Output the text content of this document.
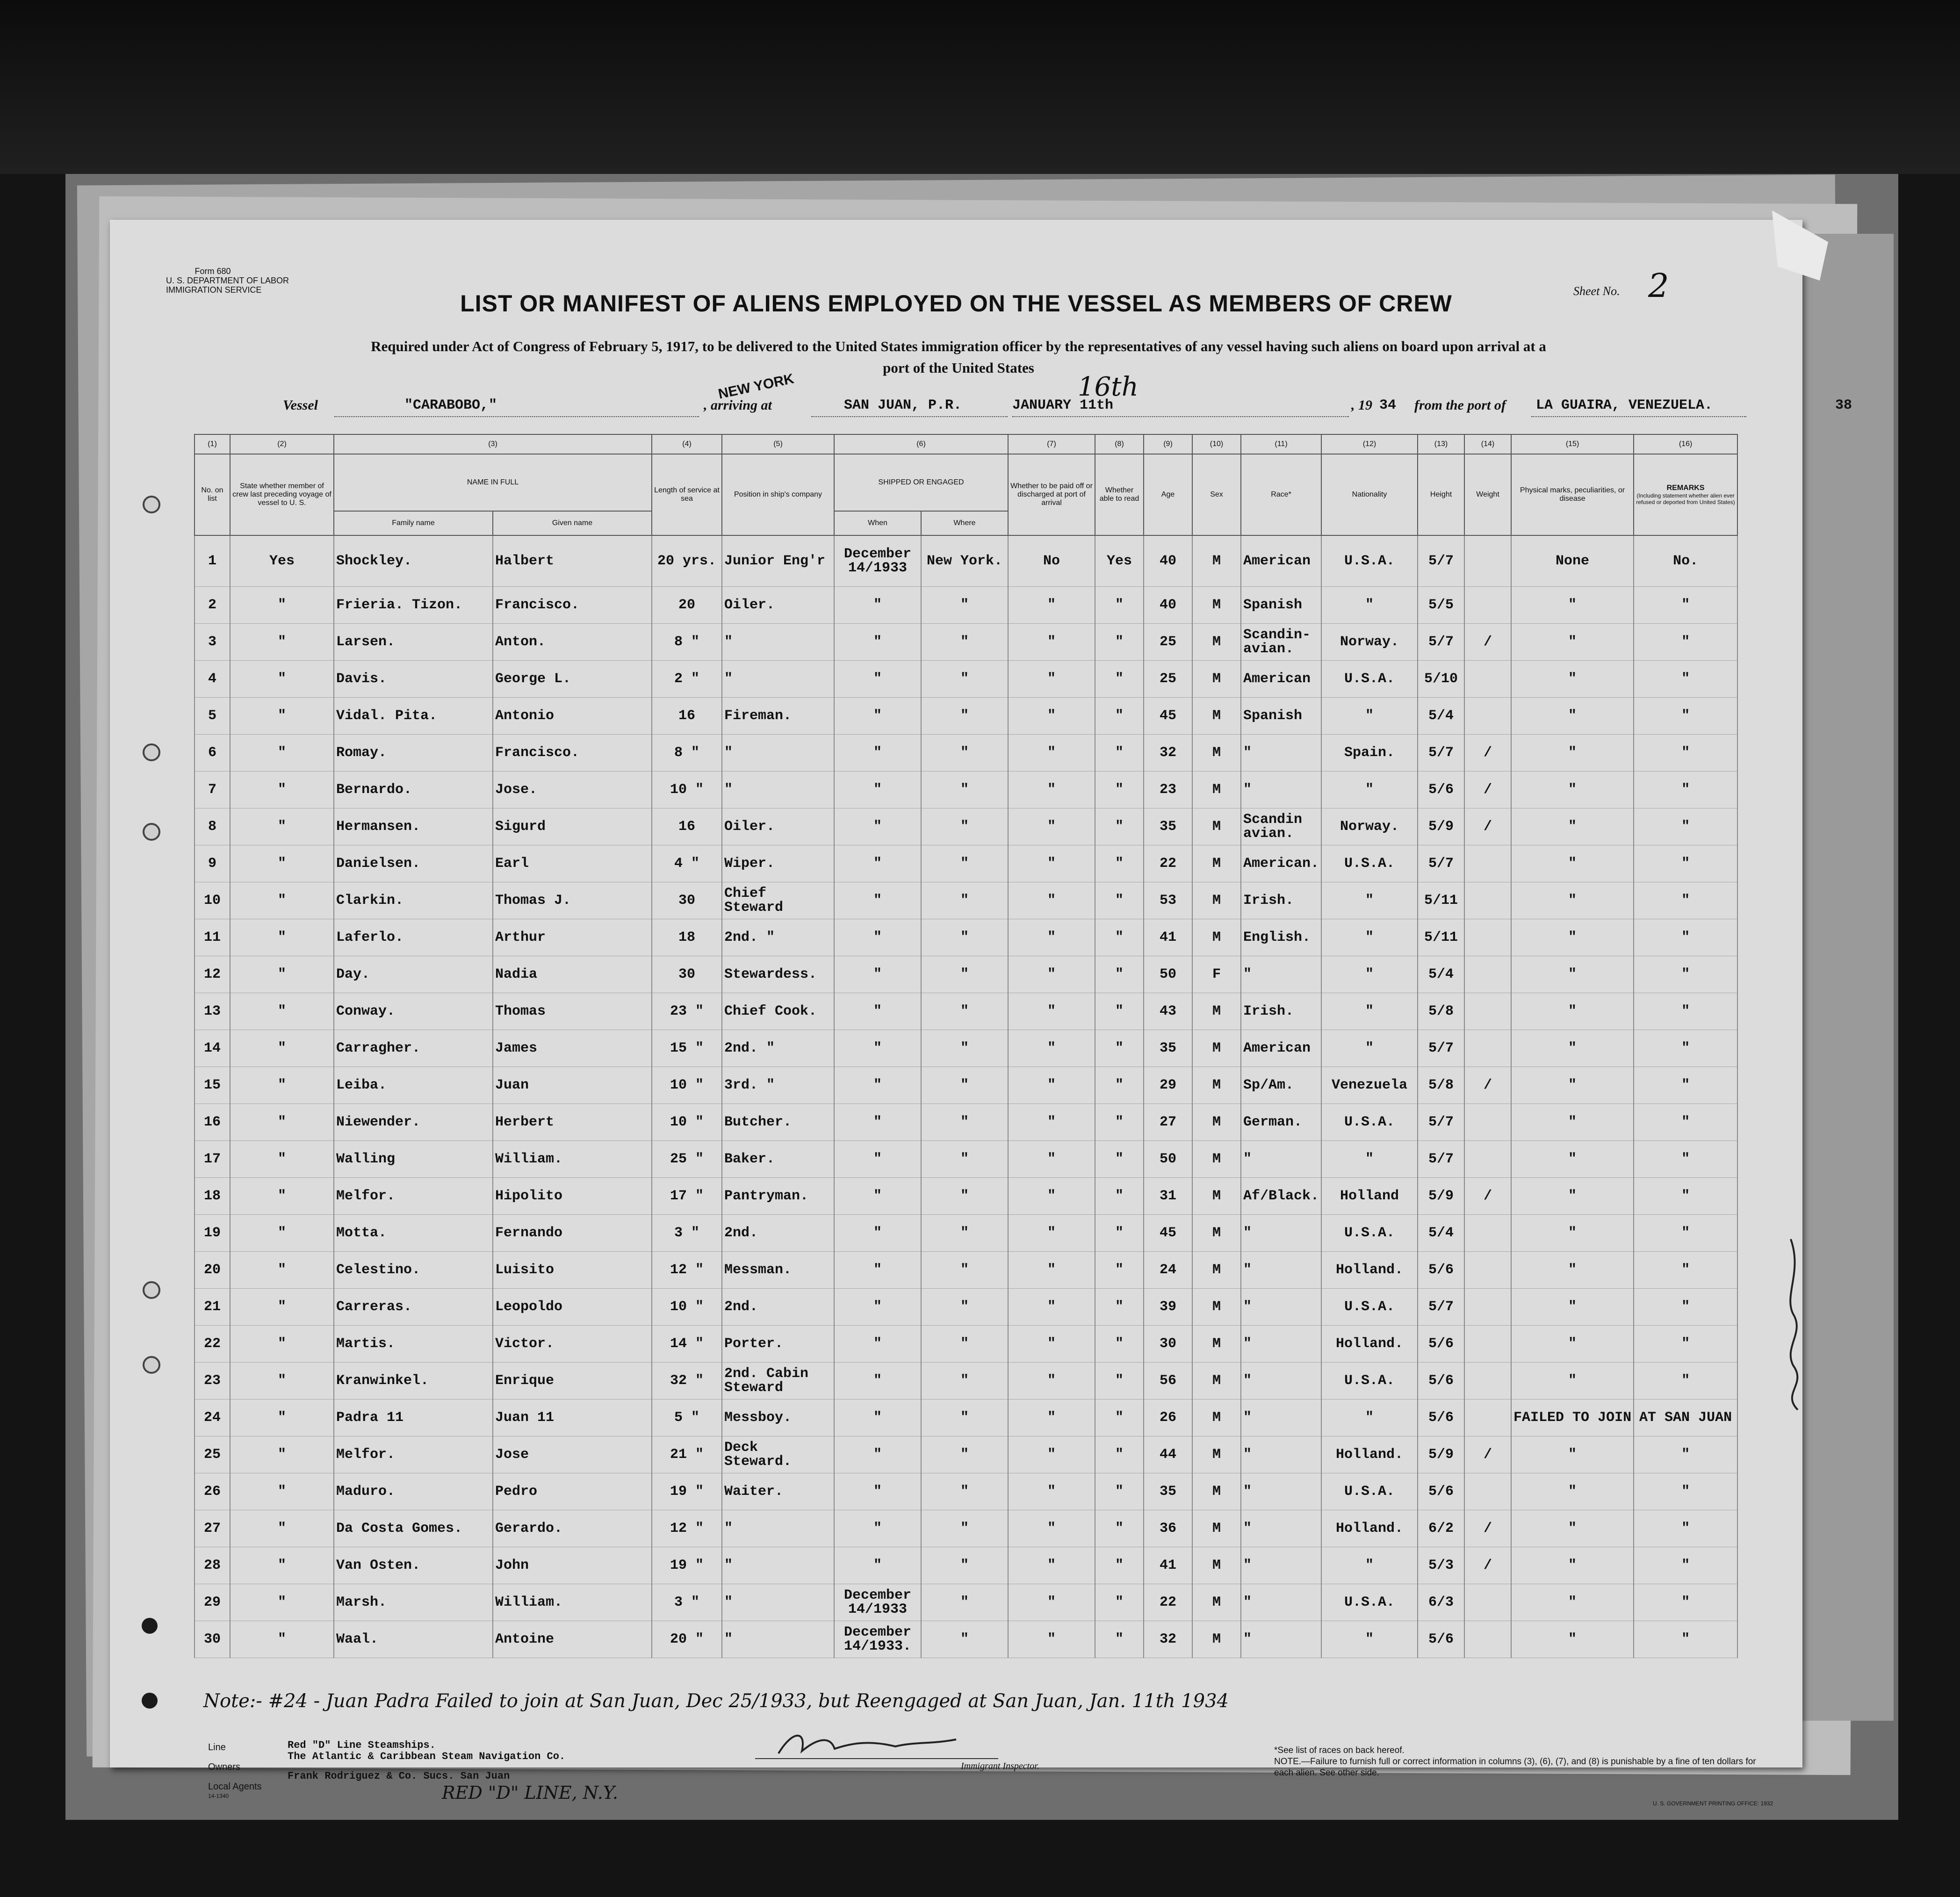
Form 680
U. S. DEPARTMENT OF LABOR
IMMIGRATION SERVICE
LIST OR MANIFEST OF ALIENS EMPLOYED ON THE VESSEL AS MEMBERS OF CREW	Sheet No. 2
Required under Act of Congress of February 5, 1917, to be delivered to the United States immigration officer by the representatives of any vessel having such aliens on board upon arrival at a
port of the United States
NEW YORK
Vessel	"CARABOBO,"	, arriving at	SAN JUAN, P.R.	JANUARY 11th
16th
, 19 34 from the port of LA GUAIRA, VENEZUELA.	38
(1)	(2)	(3)		(4)	(5)	(6)		(7)	(8)	(9)	(10)	(11)	(12)	(13)	(14)	(15)	(16)
No. on list	State whether member of crew last preceding voyage of vessel to U. S.	NAME IN FULL		Length of service at sea	Position in ship's company	SHIPPED OR ENGAGED		Whether to be paid off or discharged at port of arrival	Whether able to read	Age	Sex	Race*	Nationality	Height	Weight	Physical marks, peculiarities, or disease	REMARKS
(Including statement whether alien ever refused or deported from United States)

		Family name	Given name			When	Where										
1	Yes	Shockley.	Halbert	20 yrs.	Junior Eng'r	December 14/1933	New York.	No	Yes	40	M	American	U.S.A.	5/7		None	No.
2	"	Frieria. Tizon.	Francisco.	20	Oiler.	"	"	"	"	40	M	Spanish	"	5/5		"	"
3	"	Larsen.	Anton.	8 "	"	"	"	"	"	25	M	Scandin-avian.	Norway.	5/7	/	"	"
4	"	Davis.	George L.	2 "	"	"	"	"	"	25	M	American	U.S.A.	5/10		"	"
5	"	Vidal. Pita.	Antonio	16	Fireman.	"	"	"	"	45	M	Spanish	"	5/4		"	"
6	"	Romay.	Francisco.	8 "	"	"	"	"	"	32	M	"	Spain.	5/7	/	"	"
7	"	Bernardo.	Jose.	10 "	"	"	"	"	"	23	M	"	"	5/6	/	"	"
8	"	Hermansen.	Sigurd	16	Oiler.	"	"	"	"	35	M	Scandin avian.	Norway.	5/9	/	"	"
9	"	Danielsen.	Earl	4 "	Wiper.	"	"	"	"	22	M	American.	U.S.A.	5/7		"	"
10	"	Clarkin.	Thomas J.	30	Chief Steward	"	"	"	"	53	M	Irish.	"	5/11		"	"
11	"	Laferlo.	Arthur	18	2nd. "	"	"	"	"	41	M	English.	"	5/11		"	"
12	"	Day.	Nadia	30	Stewardess.	"	"	"	"	50	F	"	"	5/4		"	"
13	"	Conway.	Thomas	23 "	Chief Cook.	"	"	"	"	43	M	Irish.	"	5/8		"	"
14	"	Carragher.	James	15 "	2nd. "	"	"	"	"	35	M	American	"	5/7		"	"
15	"	Leiba.	Juan	10 "	3rd. "	"	"	"	"	29	M	Sp/Am.	Venezuela	5/8	/	"	"
16	"	Niewender.	Herbert	10 "	Butcher.	"	"	"	"	27	M	German.	U.S.A.	5/7		"	"
17	"	Walling	William.	25 "	Baker.	"	"	"	"	50	M	"	"	5/7		"	"
18	"	Melfor.	Hipolito	17 "	Pantryman.	"	"	"	"	31	M	Af/Black.	Holland	5/9	/	"	"
19	"	Motta.	Fernando	3 "	2nd.	"	"	"	"	45	M	"	U.S.A.	5/4		"	"
20	"	Celestino.	Luisito	12 "	Messman.	"	"	"	"	24	M	"	Holland.	5/6		"	"
21	"	Carreras.	Leopoldo	10 "	2nd.	"	"	"	"	39	M	"	U.S.A.	5/7		"	"
22	"	Martis.	Victor.	14 "	Porter.	"	"	"	"	30	M	"	Holland.	5/6		"	"
23	"	Kranwinkel.	Enrique	32 "	2nd. Cabin Steward	"	"	"	"	56	M	"	U.S.A.	5/6		"	"
24	"	Padra 11	Juan 11	5 "	Messboy.	"	"	"	"	26	M	"	"	5/6		FAILED TO JOIN	AT SAN JUAN
25	"	Melfor.	Jose	21 "	Deck Steward.	"	"	"	"	44	M	"	Holland.	5/9	/	"	"
26	"	Maduro.	Pedro	19 "	Waiter.	"	"	"	"	35	M	"	U.S.A.	5/6		"	"
27	"	Da Costa Gomes.	Gerardo.	12 "	"	"	"	"	"	36	M	"	Holland.	6/2	/	"	"
28	"	Van Osten.	John	19 "	"	"	"	"	"	41	M	"	"	5/3	/	"	"
29	"	Marsh.	William.	3 "	"	December 14/1933	"	"	"	22	M	"	U.S.A.	6/3		"	"
30	"	Waal.	Antoine	20 "	"	December 14/1933.	"	"	"	32	M	"	"	5/6		"	"
Note:- #24 - Juan Padra Failed to join at San Juan, Dec 25/1933, but Reengaged at San Juan, Jan. 11th 1934
Line	Red "D" Line Steamships.
Owners
The Atlantic & Caribbean Steam Navigation Co.
Local Agents
Frank Rodriguez & Co. Sucs. San Juan
RED "D" LINE, N.Y.
14-1340
Immigrant Inspector.
*See list of races on back hereof.
NOTE.—Failure to furnish full or correct information in columns (3), (6), (7), and (8) is punishable by a fine of ten dollars for each alien. See other side.
U. S. GOVERNMENT PRINTING OFFICE: 1932
